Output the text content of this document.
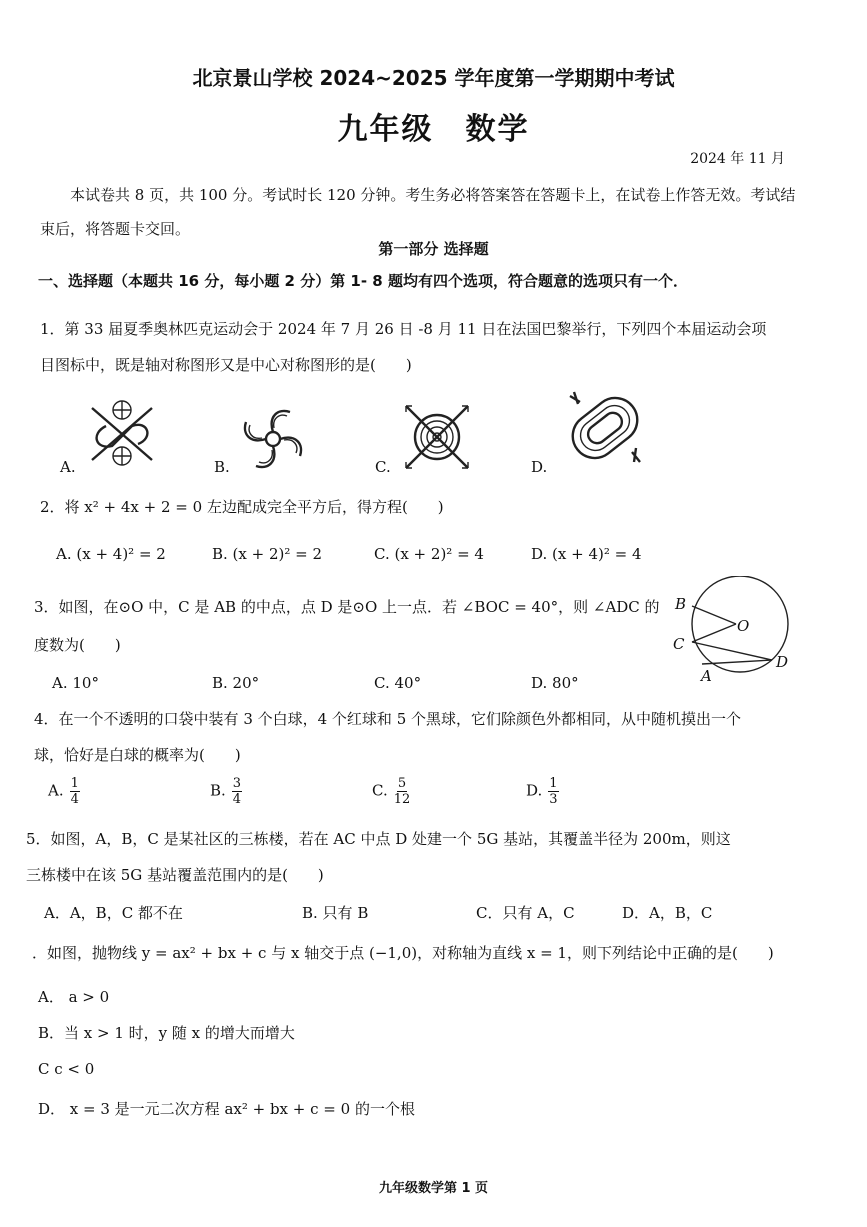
北京景山学校 2024~2025 学年度第一学期期中考试
九年级　数学
2024 年 11 月
本试卷共 8 页，共 100 分。考试时长 120 分钟。考生务必将答案答在答题卡上，在试卷上作答无效。考试结束后，将答题卡交回。
第一部分 选择题
一、选择题（本题共 16 分，每小题 2 分）第 1- 8 题均有四个选项，符合题意的选项只有一个．
1．第 33 届夏季奥林匹克运动会于 2024 年 7 月 26 日 -8 月 11 日在法国巴黎举行，下列四个本届运动会项
目图标中，既是轴对称图形又是中心对称图形的是(　　)
A.	B.	C.	D.
2．将 x² + 4x + 2 = 0 左边配成完全平方后，得方程(　　)
A. (x + 4)² = 2	B. (x + 2)² = 2	C. (x + 2)² = 4	D. (x + 4)² = 4
3．如图，在⊙O 中，C 是 AB 的中点，点 D 是⊙O 上一点．若 ∠BOC = 40°，则 ∠ADC 的
度数为(　　)
A. 10°	B. 20°	C. 40°	D. 80°
B
O
C
D
A
4．在一个不透明的口袋中装有 3 个白球，4 个红球和 5 个黑球，它们除颜色外都相同，从中随机摸出一个
球，恰好是白球的概率为(　　)
A. $\frac{1}{4}$	B. $\frac{3}{4}$	C. $\frac{5}{12}$	D. $\frac{1}{3}$
5．如图，A，B，C 是某社区的三栋楼，若在 AC 中点 D 处建一个 5G 基站，其覆盖半径为 200m，则这
三栋楼中在该 5G 基站覆盖范围内的是(　　)
A．A，B，C 都不在	B. 只有 B	C．只有 A，C	D．A，B，C
．如图，抛物线 y = ax² + bx + c 与 x 轴交于点 (−1,0)，对称轴为直线 x = 1，则下列结论中正确的是(　　)
A． a > 0
B．当 x > 1 时，y 随 x 的增大而增大
C c < 0
D． x = 3 是一元二次方程 ax² + bx + c = 0 的一个根
九年级数学第 1 页
